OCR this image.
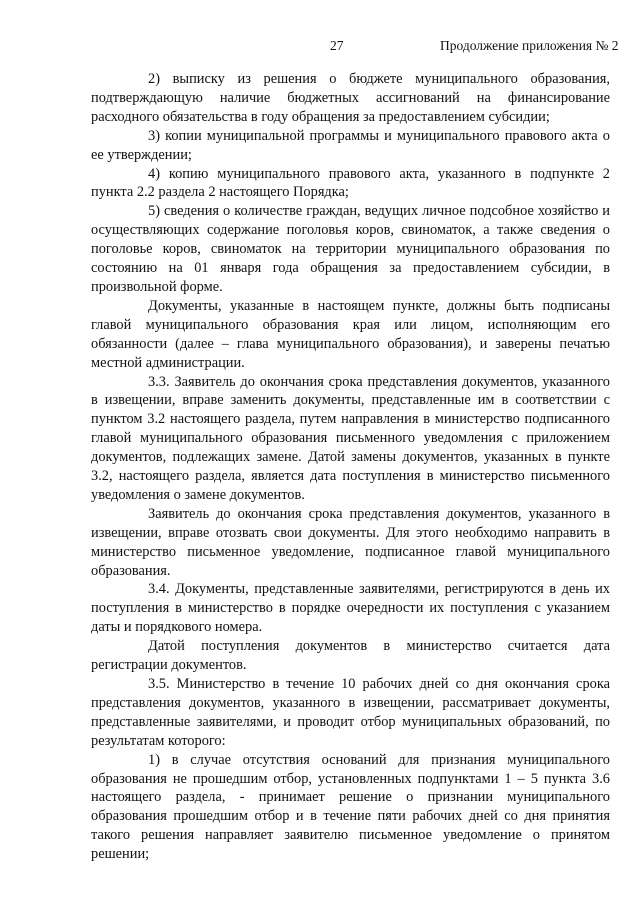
27	Продолжение приложения № 2

2) выписку из решения о бюджете муниципального образования, подтверждающую наличие бюджетных ассигнований на финансирование расходного обязательства в году обращения за предоставлением субсидии;

3) копии муниципальной программы и муниципального правового акта о ее утверждении;

4) копию муниципального правового акта, указанного в подпункте 2 пункта 2.2 раздела 2 настоящего Порядка;

5) сведения о количестве граждан, ведущих личное подсобное хозяйство и осуществляющих содержание поголовья коров, свиноматок, а также сведения о поголовье коров, свиноматок на территории муниципального образования по состоянию на 01 января года обращения за предоставлением субсидии, в произвольной форме.

Документы, указанные в настоящем пункте, должны быть подписаны главой муниципального образования края или лицом, исполняющим его обязанности (далее – глава муниципального образования), и заверены печатью местной администрации.

3.3. Заявитель до окончания срока представления документов, указанного в извещении, вправе заменить документы, представленные им в соответствии с пунктом 3.2 настоящего раздела, путем направления в министерство подписанного главой муниципального образования письменного уведомления с приложением документов, подлежащих замене. Датой замены документов, указанных в пункте 3.2, настоящего раздела, является дата поступления в министерство письменного уведомления о замене документов.

Заявитель до окончания срока представления документов, указанного в извещении, вправе отозвать свои документы. Для этого необходимо направить в министерство письменное уведомление, подписанное главой муниципального образования.

3.4. Документы, представленные заявителями, регистрируются в день их поступления в министерство в порядке очередности их поступления с указанием даты и порядкового номера.

Датой поступления документов в министерство считается дата регистрации документов.

3.5. Министерство в течение 10 рабочих дней со дня окончания срока представления документов, указанного в извещении, рассматривает документы, представленные заявителями, и проводит отбор муниципальных образований, по результатам которого:

1) в случае отсутствия оснований для признания муниципального образования не прошедшим отбор, установленных подпунктами 1 – 5 пункта 3.6 настоящего раздела, - принимает решение о признании муниципального образования прошедшим отбор и в течение пяти рабочих дней со дня принятия такого решения направляет заявителю письменное уведомление о принятом решении;
